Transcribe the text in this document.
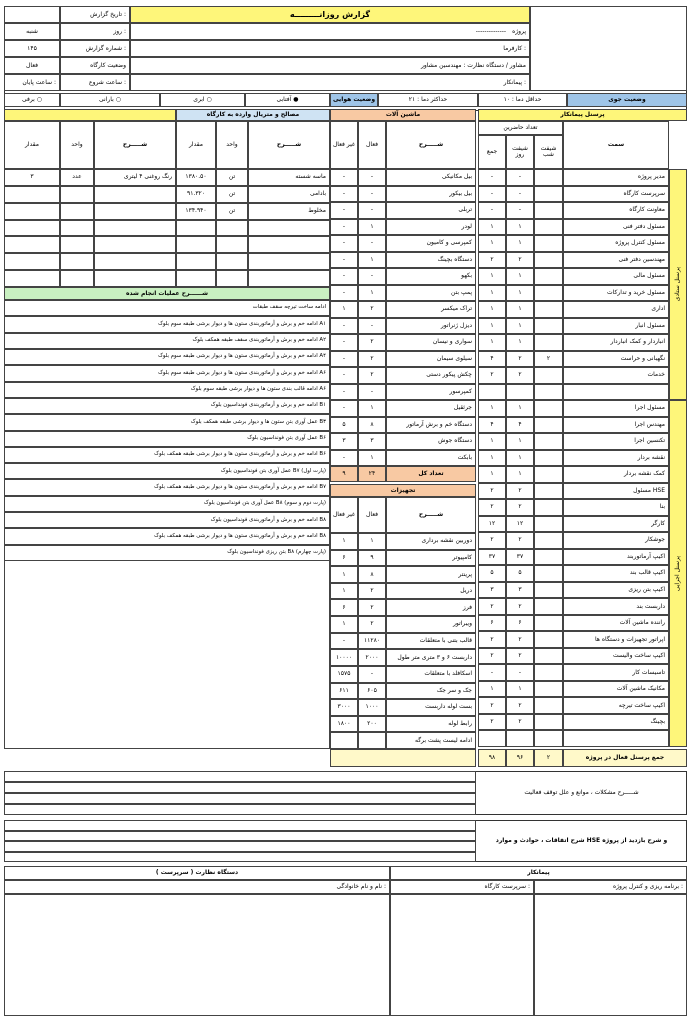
گزارش روزانـــــــــه
تاریخ گزارش :
-------------- پروژه
روز :
شنبه
کارفرما :
شماره گزارش :
۱۴۵
مشاور / دستگاه نظارت : مهندسین مشاور
وضعیت کارگاه
فعال
پیمانکار :
ساعت شروع :
ساعت پایان :
وضعیت جوی
حداقل دما : ۱۰
حداکثر دما : ۲۱
وضعیت هوایی
آفتابی ●
ابری ○
بارانی ○
برفی ○
پرسنل پیمانکار
ماشین آلات
مصالح و متریال وارده به کارگاه
سمت
تعداد حاضرین
شیفت شب
شیفت روز
جمع
شـــــرح
فعال
غیر فعال
شـــــرح
واحد
مقدار
شـــــرح
واحد
مقدار
پرسنل ستادی
پرسنل اجرایی
مدیر پروژه
-
-
سرپرست کارگاه
-
-
معاونت کارگاه
-
-
مسئول دفتر فنی
۱
۱
مسئول کنترل پروژه
۱
۱
مهندسین دفتر فنی
۲
۲
مسئول مالی
۱
۱
مسئول خرید و تدارکات
۱
۱
اداری
۱
۱
مسئول انبار
۱
۱
انباردار و کمک انباردار
۱
۱
نگهبانی و حراست
۲
۲
۴
خدمات
۲
۲
مسئول اجرا
۱
۱
مهندس اجرا
۴
۴
تکنسین اجرا
۱
۱
نقشه بردار
۱
۱
کمک نقشه بردار
۱
۱
مسئول HSE
۲
۲
بنا
۲
۲
کارگر
۱۲
۱۲
جوشکار
۲
۲
اکیپ آرماتوربند
۳۷
۳۷
اکیپ قالب بند
۵
۵
اکیپ بتن ریزی
۳
۳
داربست بند
۲
۲
راننده ماشین آلات
۶
۶
اپراتور تجهیزات و دستگاه ها
۲
۲
اکیپ ساخت والیست
۲
۲
تاسیسات کار
-
-
مکانیک ماشین آلات
۱
۱
اکیپ ساخت تیرچه
۲
۲
بچینگ
۲
۲
جمع پرسنل فعال در پروژه
۲
۹۶
۹۸
بیل مکانیکی
-
-
بیل بیکور
-
-
تربلی
-
-
لودر
۱
-
کمپرسی و کامیون
-
-
دستگاه بچینگ
۱
-
بکهو
-
-
پمپ بتن
۱
-
تراک میکسر
۲
۱
دیزل ژنراتور
-
-
سواری و نیسان
۲
-
سیلوی سیمان
۲
-
چکش پیکور دستی
۲
-
کمپرسور
-
-
جرثقیل
۱
-
دستگاه خم و برش آرماتور
۸
۵
دستگاه جوش
۳
۳
بابکت
۱
-
تعداد کل
۲۴
۹
تجهیزات
شـــــرح
فعال
غیر فعال
دوربین نقشه برداری
۱
۱
کامپیوتر
۹
۶
پرینتر
۸
۱
دریل
۲
۱
فرز
۲
۶
ویبراتور
۲
۱
قالب بتنی با متعلقات
۱۱۲۸۰
-
داربست ۶ و ۳ متری متر طول
۲۰۰۰
۱۰۰۰۰
اسکافلد با متعلقات
-
۱۵۷۵
جک و سر جک
۶۰۵
۶۱۱
بست لوله داربست
۱۰۰۰
۳۰۰۰
رابط لوله
۲۰۰
۱۸۰۰
ادامه لیست پشت برگه
ماسه شسته
تن
۱۳۸۰.۵۰
رنگ روغنی ۴ لیتری
عدد
۳
بادامی
تن
۹۱.۳۲۰
مخلوط
تن
۱۳۴.۹۴۰
شــــــرح عملیات انجام شده
ادامه ساخت تیرچه سقف طبقات
ادامه خم و برش و آرماتوربندی ستون ها و دیوار برشی طبقه سوم بلوک A۱
ادامه خم و برش و آرماتوربندی سقف طبقه همکف بلوک A۲
ادامه خم و برش و آرماتوربندی ستون ها و دیوار برشی طبقه سوم بلوک A۴
ادامه خم و برش و آرماتوربندی ستون ها و دیوار برشی طبقه سوم بلوک A۶
ادامه قالب بندی ستون ها و دیوار برشی طبقه سوم بلوک A۶
ادامه خم و برش و آرماتوربندی فونداسیون بلوک B۱
عمل آوری بتن ستون ها و دیوار برشی طبقه همکف بلوک B۳
عمل آوری بتن فونداسیون بلوک B۶
ادامه خم و برش و آرماتوربندی ستون ها و دیوار برشی طبقه همکف بلوک B۶
عمل آوری بتن فونداسیون بلوک B۷ (پارت اول)
ادامه خم و برش و آرماتوربندی ستون ها و دیوار برشی طبقه همکف بلوک B۷
عمل آوری بتن فونداسیون بلوک B۸ (پارت دوم و سوم)
ادامه خم و برش و آرماتوربندی فونداسیون بلوک B۸
ادامه خم و برش و آرماتوربندی ستون ها و دیوار برشی طبقه همکف بلوک B۸
بتن ریزی فونداسیون بلوک B۸ (پارت چهارم)
شـــــرح مشکلات ، موانع و علل توقف فعالیت
شرح اتفاقات ، حوادث و موارد HSE و شرح بازدید از پروژه
پیمانکار
دستگاه نظارت ( سرپرست )
برنامه ریزی و کنترل پروژه :
سرپرست کارگاه :
نام و نام خانوادگی :
